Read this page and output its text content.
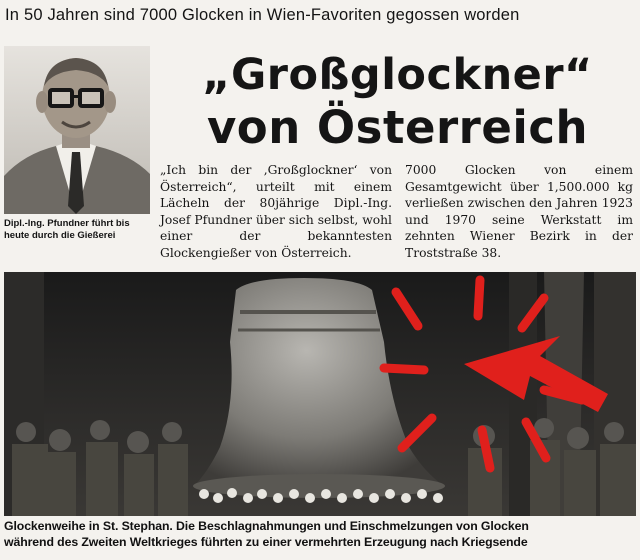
In 50 Jahren sind 7000 Glocken in Wien-Favoriten gegossen worden
Dipl.-Ing. Pfundner führt bis heute durch die Gießerei
„Großglockner“
von Österreich
„Ich bin der ‚Großglockner‘ von Österreich“, urteilt mit einem Lächeln der 80jährige Dipl.-Ing. Josef Pfundner über sich selbst, wohl einer der bekanntesten Glockengießer von Österreich.
7000 Glocken von einem Gesamtgewicht über 1,500.000 kg verließen zwischen den Jahren 1923 und 1970 seine Werkstatt im zehnten Wiener Bezirk in der Troststraße 38.
Glockenweihe in St. Stephan. Die Beschlagnahmungen und Einschmelzungen von Glocken
während des Zweiten Weltkrieges führten zu einer vermehrten Erzeugung nach Kriegsende
